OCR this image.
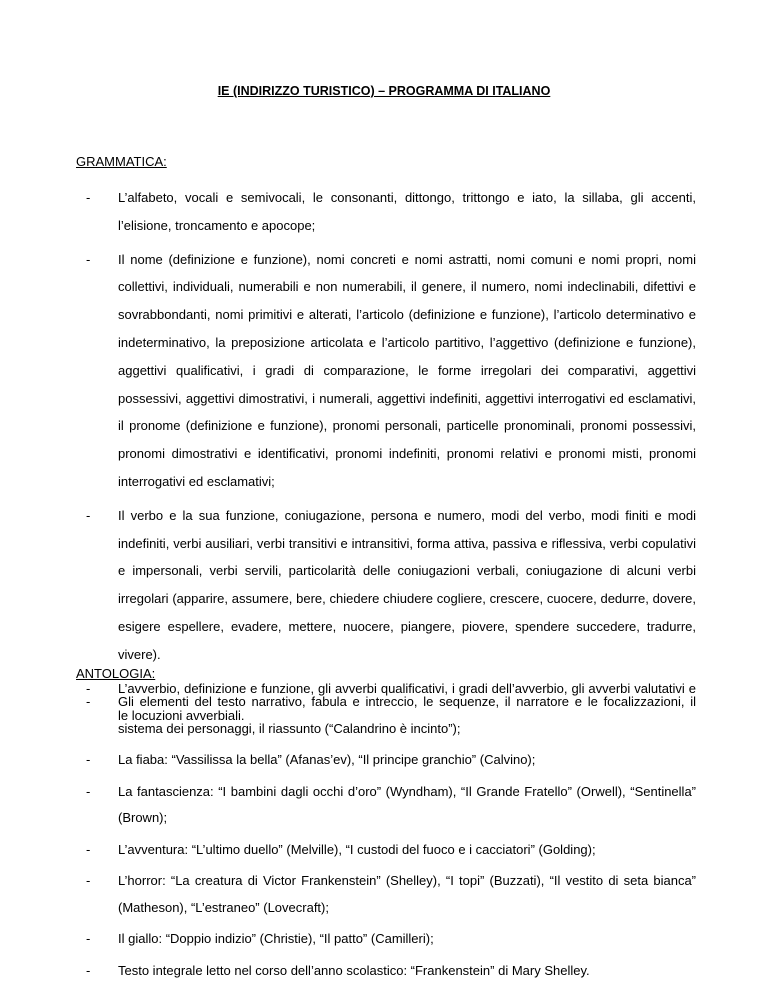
IE (INDIRIZZO TURISTICO) – PROGRAMMA DI ITALIANO
GRAMMATICA:
- L’alfabeto, vocali e semivocali, le consonanti, dittongo, trittongo e iato, la sillaba, gli accenti, l’elisione, troncamento e apocope;
- Il nome (definizione e funzione), nomi concreti e nomi astratti, nomi comuni e nomi propri, nomi collettivi, individuali, numerabili e non numerabili, il genere, il numero, nomi indeclinabili, difettivi e sovrabbondanti, nomi primitivi e alterati, l’articolo (definizione e funzione), l’articolo determinativo e indeterminativo, la preposizione articolata e l’articolo partitivo, l’aggettivo (definizione e funzione), aggettivi qualificativi, i gradi di comparazione, le forme irregolari dei comparativi, aggettivi possessivi, aggettivi dimostrativi, i numerali, aggettivi indefiniti, aggettivi interrogativi ed esclamativi, il pronome (definizione e funzione), pronomi personali, particelle pronominali, pronomi possessivi, pronomi dimostrativi e identificativi, pronomi indefiniti, pronomi relativi e pronomi misti, pronomi interrogativi ed esclamativi;
- Il verbo e la sua funzione, coniugazione, persona e numero, modi del verbo, modi finiti e modi indefiniti, verbi ausiliari, verbi transitivi e intransitivi, forma attiva, passiva e riflessiva, verbi copulativi e impersonali, verbi servili, particolarità delle coniugazioni verbali, coniugazione di alcuni verbi irregolari (apparire, assumere, bere, chiedere chiudere cogliere, crescere, cuocere, dedurre, dovere, esigere espellere, evadere, mettere, nuocere, piangere, piovere, spendere succedere, tradurre, vivere).
- L’avverbio, definizione e funzione, gli avverbi qualificativi, i gradi dell’avverbio, gli avverbi valutativi e le locuzioni avverbiali.
ANTOLOGIA:
- Gli elementi del testo narrativo, fabula e intreccio, le sequenze, il narratore e le focalizzazioni, il sistema dei personaggi, il riassunto (“Calandrino è incinto”);
- La fiaba: “Vassilissa la bella” (Afanas’ev), “Il principe granchio” (Calvino);
- La fantascienza: “I bambini dagli occhi d’oro” (Wyndham), “Il Grande Fratello” (Orwell), “Sentinella” (Brown);
- L’avventura: “L’ultimo duello” (Melville), “I custodi del fuoco e i cacciatori” (Golding);
- L’horror: “La creatura di Victor Frankenstein” (Shelley), “I topi” (Buzzati), “Il vestito di seta bianca” (Matheson), “L’estraneo” (Lovecraft);
- Il giallo: “Doppio indizio” (Christie), “Il patto” (Camilleri);
- Testo integrale letto nel corso dell’anno scolastico: “Frankenstein” di Mary Shelley.
